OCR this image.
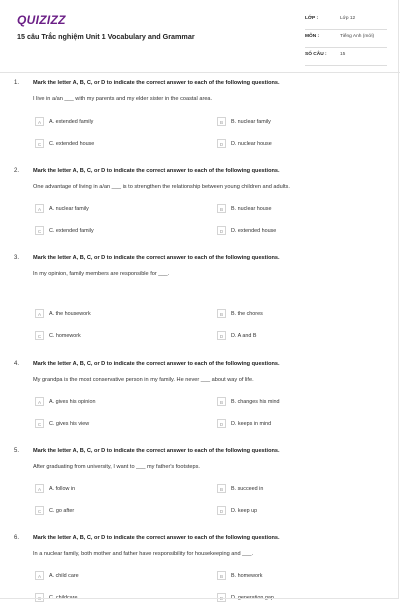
QUIZIZZ
15 câu Trắc nghiệm Unit 1 Vocabulary and Grammar
LỚP :	Lớp 12
MÔN :	Tiếng Anh (mới)
SỐ CÂU :	15
1. Mark the letter A, B, C, or D to indicate the correct answer to each of the following questions.
I live in a/an ___ with my parents and my elder sister in the coastal area.
A	A. extended family	B	B. nuclear family
C	C. extended house	D	D. nuclear house
2. Mark the letter A, B, C, or D to indicate the correct answer to each of the following questions.
One advantage of living in a/an ___ is to strengthen the relationship between young children and adults.
A	A. nuclear family	B	B. nuclear house
C	C. extended family	D	D. extended house
3. Mark the letter A, B, C, or D to indicate the correct answer to each of the following questions.
In my opinion, family members are responsible for ___.
A	A. the housework	B	B. the chores
C	C. homework	D	D. A and B
4. Mark the letter A, B, C, or D to indicate the correct answer to each of the following questions.
My grandpa is the most conservative person in my family. He never ___ about way of life.
A	A. gives his opinion	B	B. changes his mind
C	C. gives his view	D	D. keeps in mind
5. Mark the letter A, B, C, or D to indicate the correct answer to each of the following questions.
After graduating from university, I want to ___ my father's footsteps.
A	A. follow in	B	B. succeed in
C	C. go after	D	D. keep up
6. Mark the letter A, B, C, or D to indicate the correct answer to each of the following questions.
In a nuclear family, both mother and father have responsibility for housekeeping and ___.
A	A. child care	B	B. homework
C	C. childcare	D	D. generation gap
